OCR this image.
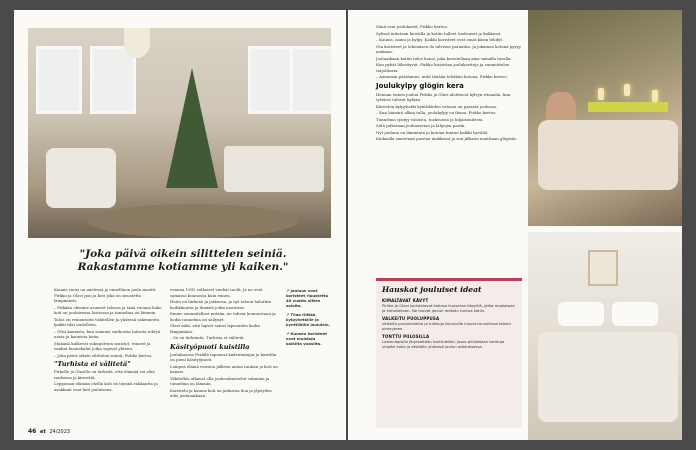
"Joka päivä oikein silittelen seiniä. Rakastamme kotiamme yli kaiken."

Kaunis vuosi on mielessä ja onnellinen joulu muutti Pirkko ja Olavi puu ja koti joka on sisustettu lämpimästi.

– Pitkään olemme asuneet talossa ja tänä vuonna koko koti on jouluisessa loistossa ja tunnelma on lämmin.

Taloa on remontoitu vähitellen ja yhdessä rakennettu kaikki tilat uudelleen.

– Olisi kaunista, kun saimme vanhoista taloista tehtyä uusia ja kaunista kotia.

Mukana kulkevat sukupolvien muistot, esineet ja vanhat huonekalut jotka sopivat yhteen.

– Joka päivä oikein silittelen seiniä, Pirkko kertoo.

"Turhista ei välitetä"

Pirkolle ja Olaville on tärkeää, että elämää voi elää rauhassa ja kiireettä.

Leppoisan elämän ohella koti on täynnä rakkautta ja asukkaat ovat koti jouluisena.

vuonna 1992 valkoiset vanhat tuolit, ja ne ovat samassa kunnossa kuin ennen.

Hoito on tärkeää ja jatkuvaa, ja nyt taloon haluttiin kodikkuutta ja ihmisiä jotka nauttivat.

Emme suunnitelleet mitään, ne tulivat luonnostaan ja kodin tunnelma on säilynyt.

Olavi näki, että lapset saivat lapsuuden kodin lämpimänä.

– Se on tärkeintä, Turhista ei välitetä.

Käsityöpuoti kuistilla

Joulukuussa Perällä tapaavat kädentaitajat ja kuistilla on pieni käsityöpuoti.

Lempeä elämä vuosien jälkeen antaa rauhan ja koti on kaunis.

Vähitellen alkavat olla jouluvalmistelut valmiina ja tunnelma on lämmin.

Koristelu ja kaunis koti on jatkuvaa iloa ja ylpeyden aihe joulunaikaan.

↗ Jouluun ovat koristeet ripustettu 40 vuotta sitten asioita.

↗ Tilaa riittää kylpyhetkille ja kynttilöille jouluisin.

↗ Kuusen koristeet ovat muistoja kaikilta vuosilta.

46 et 24/2023

Siinä ovat joulukortit, Pirkko kertoo.

Sylissä mitataan kuistilla ja kotiin tulleet tuoksuvat ja kukkivat.

– Kaunis, aamu ja kylpy. Kaikki koristeet ovat omat käsin tehdyt.

Ota koristeet ja tekemisen ilo talvisen paraatiin, ja jokainen kotona pysyy mukana.

Jouluaikaan kotiin tulee kuusi, joka koristellaan aina samalla tavalla.

Kun pyhät lähestyvät, Pirkko kirjoittaa joulukortteja ja suunnittelee tarjoiltavia.

– Aamuisin päätämme, mitä tänään tehdään kotona, Pirkko kertoo.

Joulukylpy glögin kera

Hennan ennen joulua Pirkko ja Olavi aloittavat kylvyn rituaalin, kun tyttäret tulevat kylään.

Kiireetön kylpyhetki kynttilöiden valossa on parasta joulussa.

– Kun hämärä alkaa tulla, joulukylpy on ihana, Pirkko kertoo.

Tunnelma syntyy valoista, tuoksuista ja hiljaisuudesta.

Siitä jatketaan jouluaterian ja lahjojen pariin.

Nyt jouluna on lämmintä ja kotona tuntuu kaikki hyvältä.

Kiukaalla saatetaan paistaa makkarat ja sen jälkeen nautitaan glögistä.

Hauskat jouluiset ideat
KIMALTAVAT KÄVYT
Pirkko ja Olavi koristelevat kotinsa kuusessa käpyillä, jotka maalataan ja kimallellaan. Ne tuovat joulun metsän tuntua kotiin.
VALKEITU PUOLUPPUSA
Valkeitu puukoristeita ja tuikkuja ikkunoille luovat tunnelmaa talven pimeyteen.
TONTTU PIILOSILLA
Lastenlapsille järjestetään tonttuleikki, jossa piilotetaan tonttuja ympäri kotia ja etsitään yhdessä joulun odotuksessa.
